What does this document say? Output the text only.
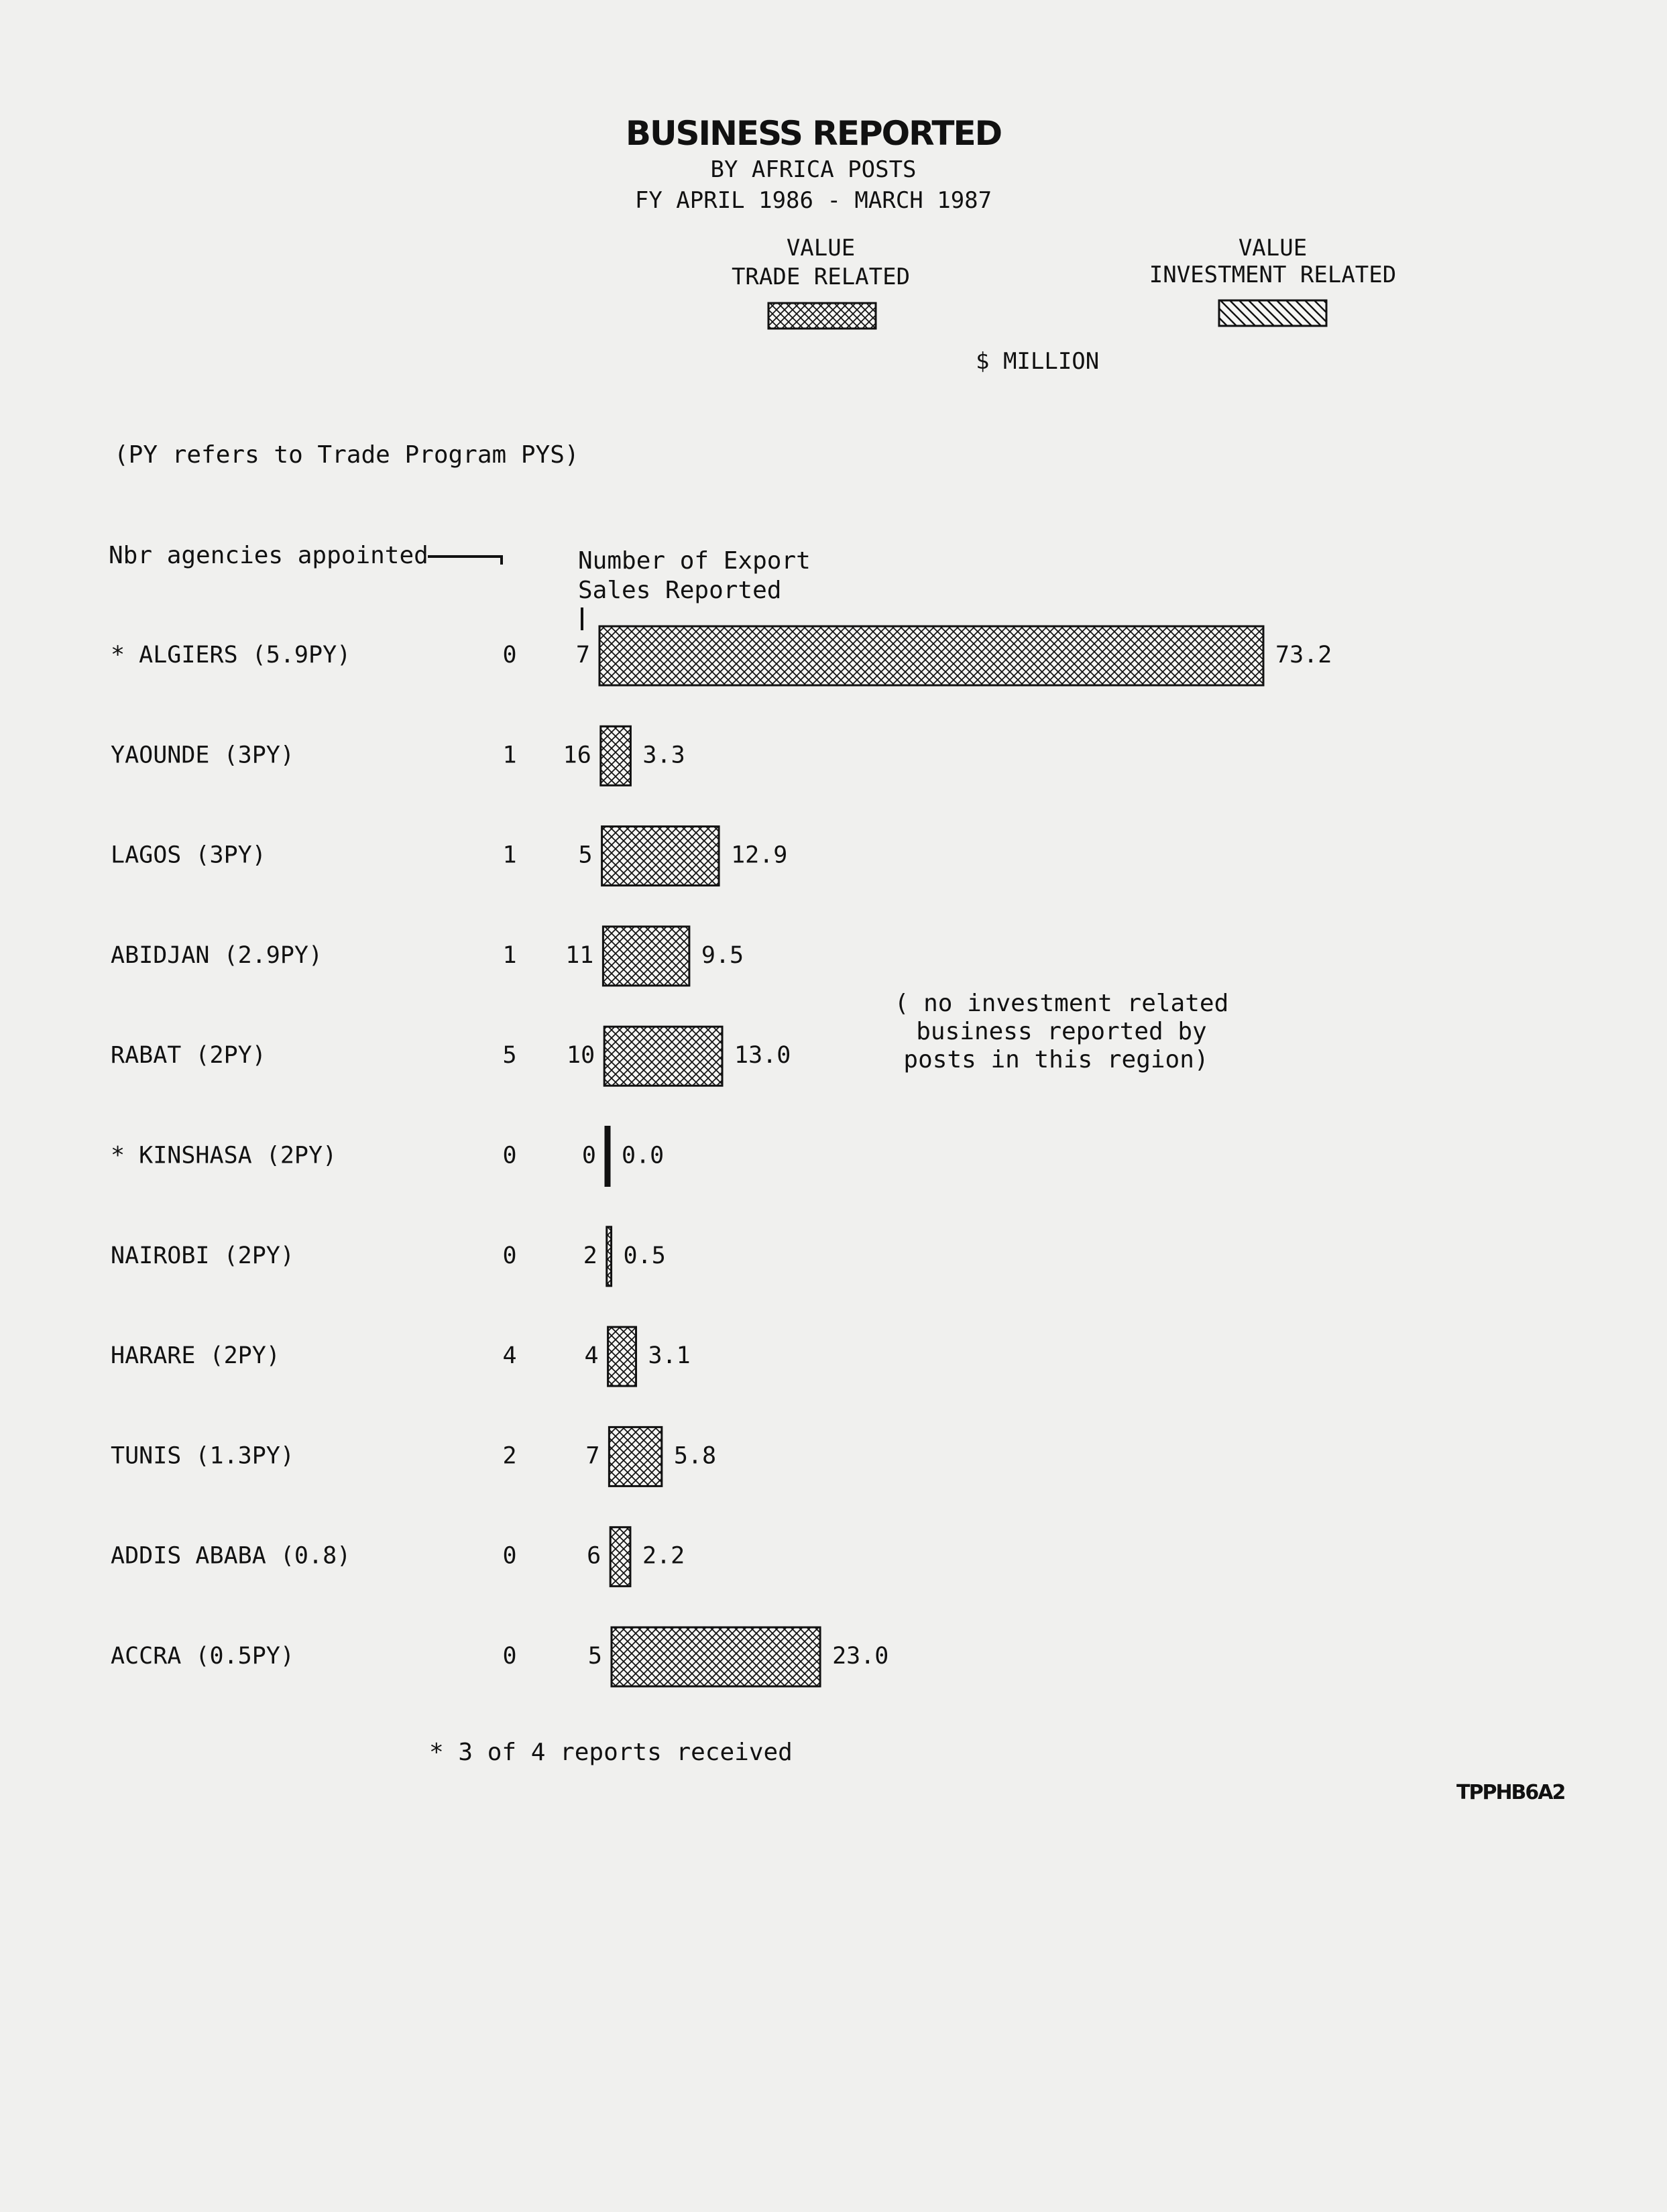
BUSINESS REPORTED
BY AFRICA POSTS
FY APRIL 1986 - MARCH 1987
VALUE
TRADE RELATED
VALUE
INVESTMENT RELATED
$ MILLION
(PY refers to Trade Program PYS)
Nbr agencies appointed	Number of Export
Sales Reported
( no investment related
business reported by
posts in this region)
* 3 of 4 reports received
TPPHB6A2
* ALGIERS (5.9PY)	0	7	73.2
YAOUNDE (3PY)	1 16 3.3
LAGOS (3PY)	1	5	12.9
ABIDJAN (2.9PY)	1 11	9.5
RABAT (2PY)	5 10	13.0
* KINSHASA (2PY)	0	0 0.0
NAIROBI (2PY)	0	2 0.5
HARARE (2PY)	4	4 3.1
TUNIS (1.3PY)	2	7	5.8
ADDIS ABABA (0.8)	0	6 2.2
ACCRA (0.5PY)	0	5	23.0
